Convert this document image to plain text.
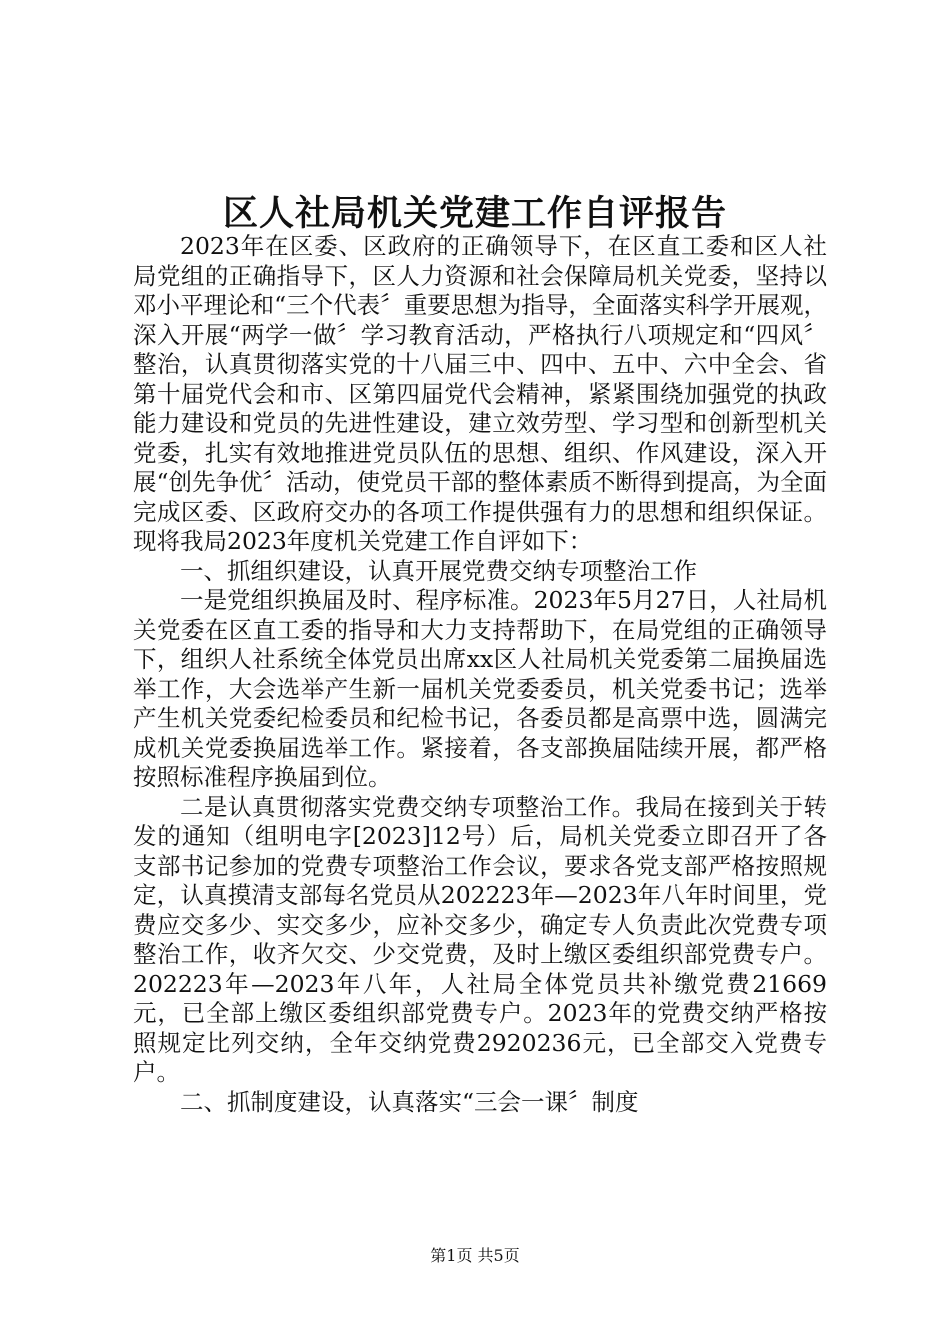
区人社局机关党建工作自评报告

2023年在区委、区政府的正确领导下，在区直工委和区人社局党组的正确指导下，区人力资源和社会保障局机关党委，坚持以邓小平理论和“三个代表〞重要思想为指导，全面落实科学开展观，深入开展“两学一做〞学习教育活动，严格执行八项规定和“四风〞整治，认真贯彻落实党的十八届三中、四中、五中、六中全会、省第十届党代会和市、区第四届党代会精神，紧紧围绕加强党的执政能力建设和党员的先进性建设，建立效劳型、学习型和创新型机关党委，扎实有效地推进党员队伍的思想、组织、作风建设，深入开展“创先争优〞活动，使党员干部的整体素质不断得到提高，为全面完成区委、区政府交办的各项工作提供强有力的思想和组织保证。现将我局2023年度机关党建工作自评如下：

一、抓组织建设，认真开展党费交纳专项整治工作

一是党组织换届及时、程序标准。2023年5月27日，人社局机关党委在区直工委的指导和大力支持帮助下，在局党组的正确领导下，组织人社系统全体党员出席xx区人社局机关党委第二届换届选举工作，大会选举产生新一届机关党委委员，机关党委书记；选举产生机关党委纪检委员和纪检书记，各委员都是高票中选，圆满完成机关党委换届选举工作。紧接着，各支部换届陆续开展，都严格按照标准程序换届到位。

二是认真贯彻落实党费交纳专项整治工作。我局在接到关于转发的通知（组明电字[2023]12号）后，局机关党委立即召开了各支部书记参加的党费专项整治工作会议，要求各党支部严格按照规定，认真摸清支部每名党员从202223年—2023年八年时间里，党费应交多少、实交多少，应补交多少，确定专人负责此次党费专项整治工作，收齐欠交、少交党费，及时上缴区委组织部党费专户。202223年—2023年八年，人社局全体党员共补缴党费21669元，已全部上缴区委组织部党费专户。2023年的党费交纳严格按照规定比列交纳，全年交纳党费2920236元，已全部交入党费专户。

二、抓制度建设，认真落实“三会一课〞制度

第1页 共5页
